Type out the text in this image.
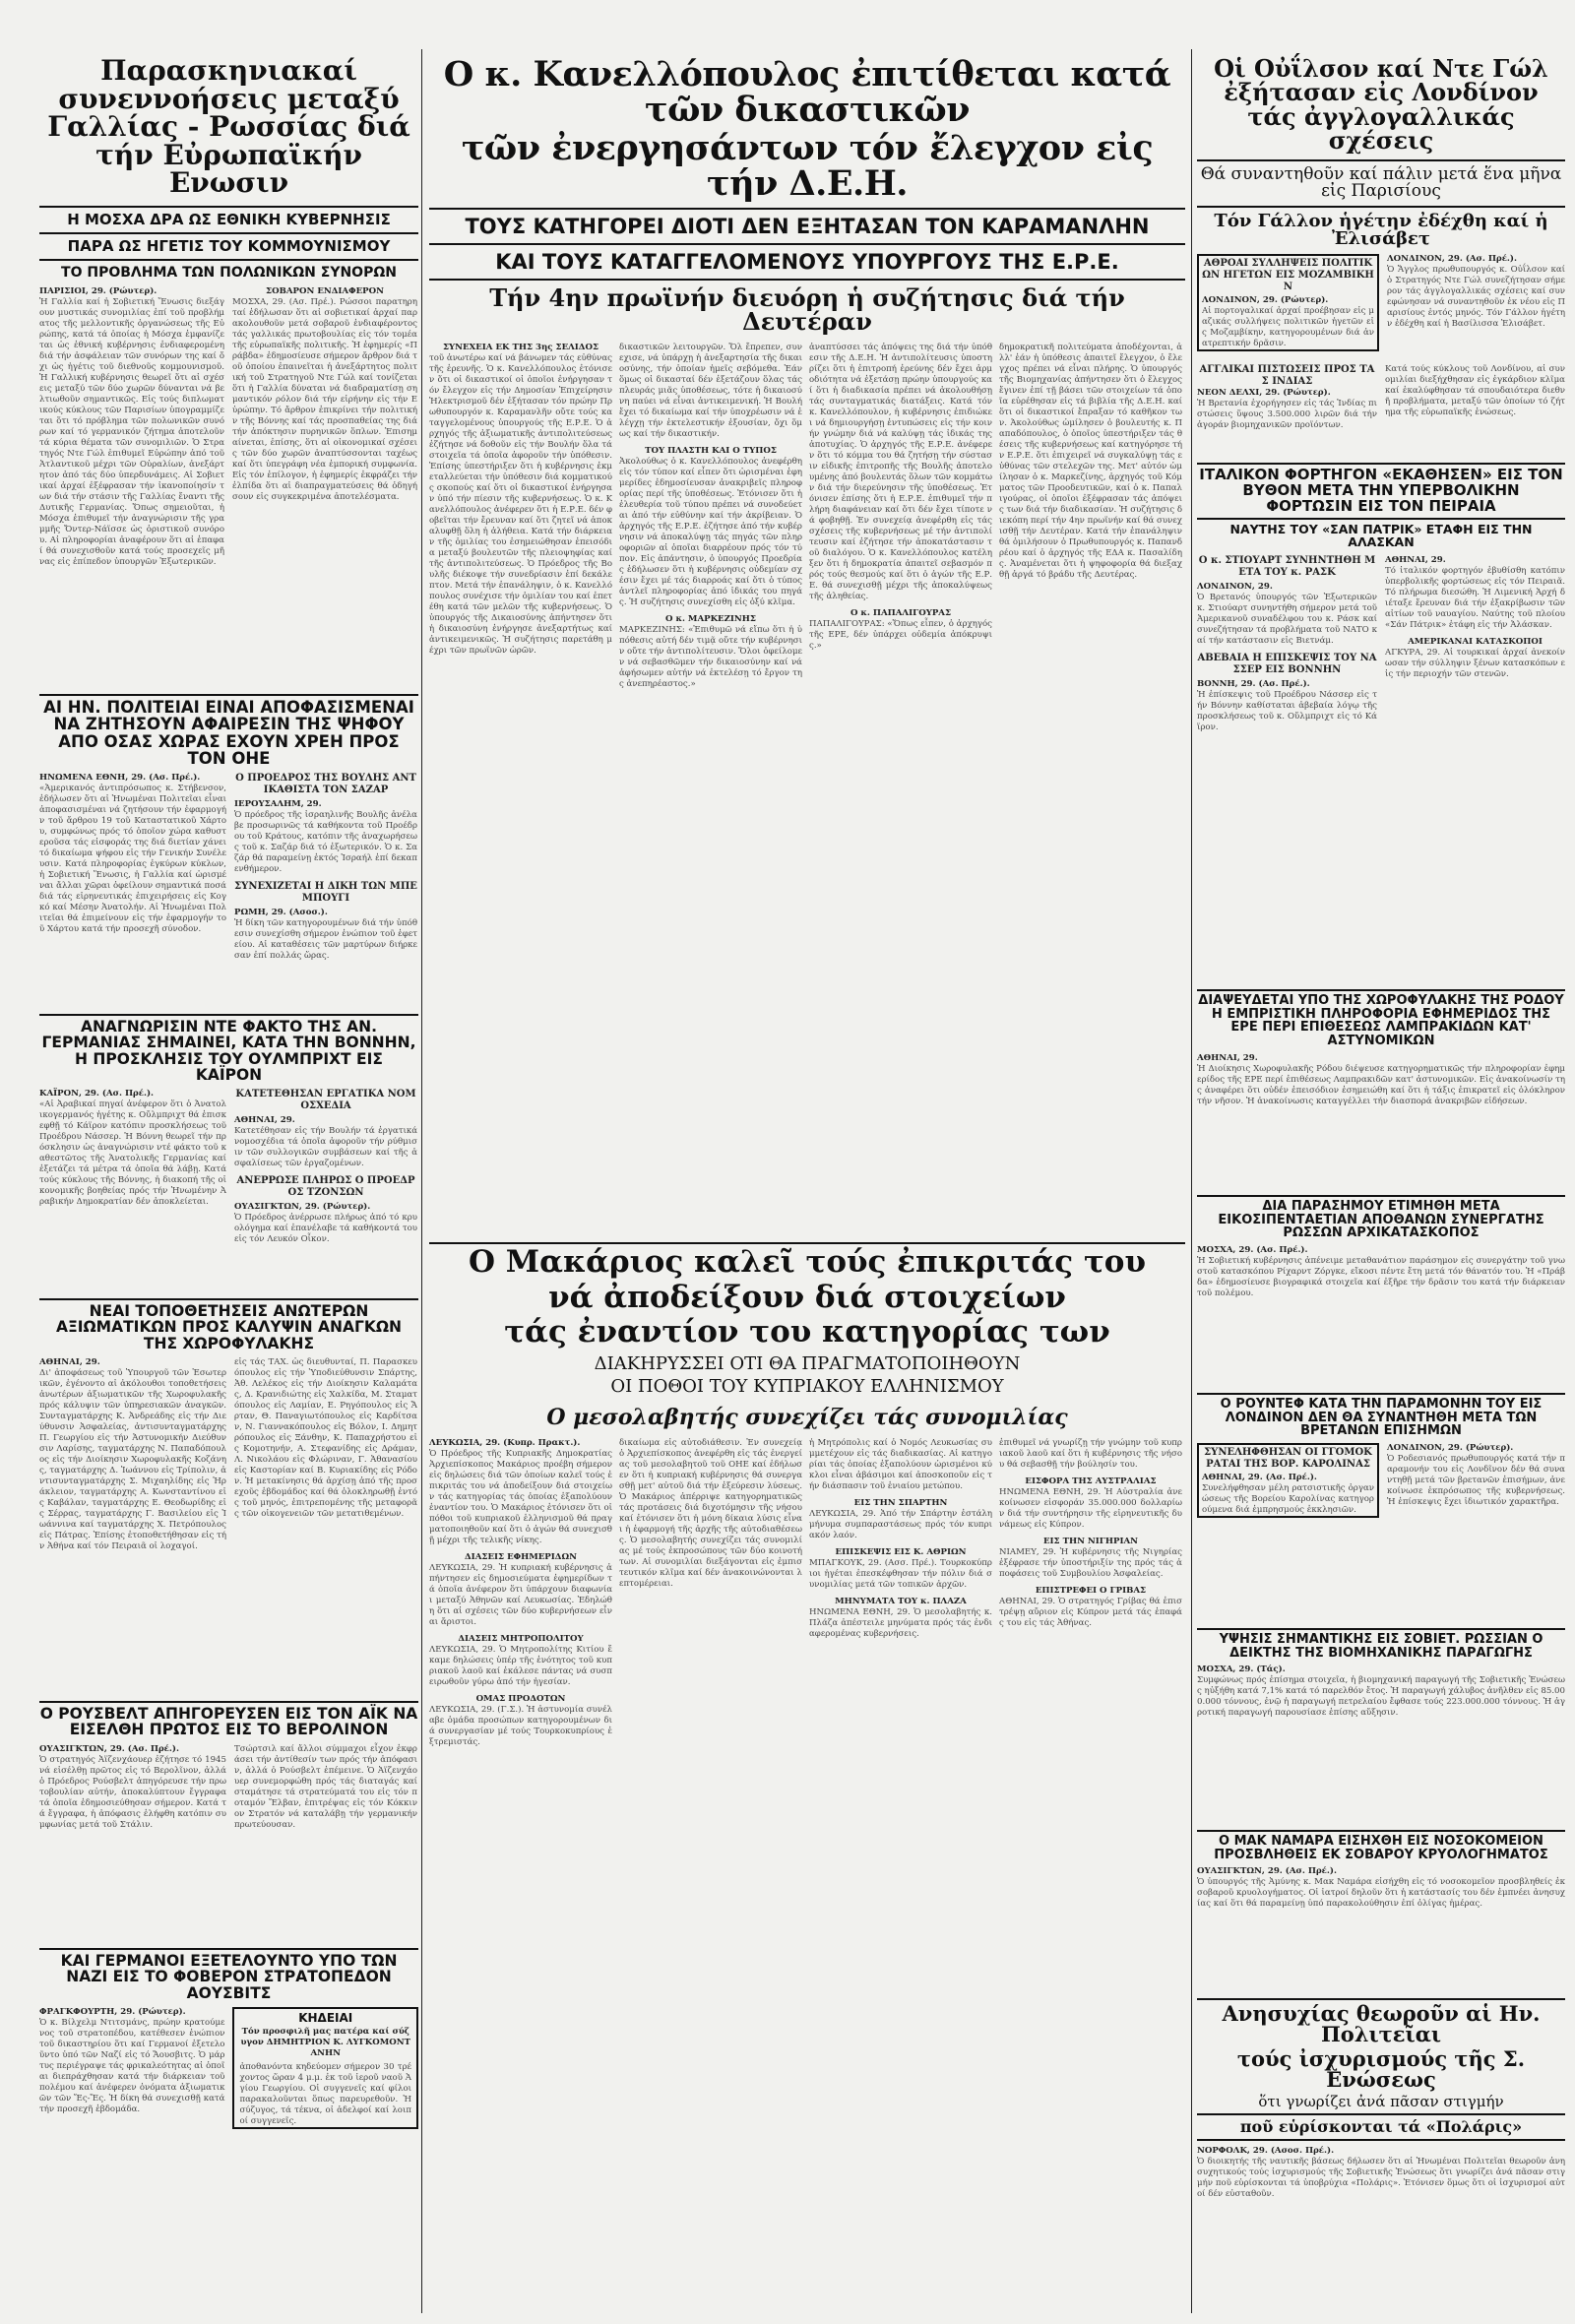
Παρασκηνιακαί συνεννοήσεις μεταξύ Γαλλίας - Ρωσσίας διά τήν Εὐρωπαϊκήν Ενωσιν
Η ΜΟΣΧΑ ΔΡΑ ΩΣ ΕΘΝΙΚΗ ΚΥΒΕΡΝΗΣΙΣ
ΠΑΡΑ ΩΣ ΗΓΕΤΙΣ ΤΟΥ ΚΟΜΜΟΥΝΙΣΜΟΥ
ΤΟ ΠΡΟΒΛΗΜΑ ΤΩΝ ΠΟΛΩΝΙΚΩΝ ΣΥΝΟΡΩΝ
ΠΑΡΙΣΙΟΙ, 29. (Ρώυτερ).
Ἡ Γαλλία καί ἡ Σοβιετική Ἕνωσις διεξάγουν μυστικάς συνομιλίας ἐπί τοῦ προβλήματος τῆς μελλοντικῆς ὀργανώσεως τῆς Εὐρώπης, κατά τά ὁποίας ἡ Μόσχα ἐμφανίζεται ὡς ἐθνική κυβέρνησις ἐνδιαφερομένη διά τήν ἀσφάλειαν τῶν συνόρων της καί ὄχι ὡς ἡγέτις τοῦ διεθνοῦς κομμουνισμοῦ. Ἡ Γαλλική κυβέρνησις θεωρεῖ ὅτι αἱ σχέσεις μεταξύ τῶν δύο χωρῶν δύνανται νά βελτιωθοῦν σημαντικῶς. Εἰς τούς διπλωματικούς κύκλους τῶν Παρισίων ὑπογραμμίζεται ὅτι τό πρόβλημα τῶν πολωνικῶν συνόρων καί τό γερμανικόν ζήτημα ἀποτελοῦν τά κύρια θέματα τῶν συνομιλιῶν. Ὁ Στρατηγός Ντε Γώλ ἐπιθυμεῖ Εὐρώπην ἀπό τοῦ Ἀτλαντικοῦ μέχρι τῶν Οὐραλίων, ἀνεξάρτητον ἀπό τάς δύο ὑπερδυνάμεις. Αἱ Σοβιετικαί ἀρχαί ἐξέφρασαν τήν ἱκανοποίησίν των διά τήν στάσιν τῆς Γαλλίας ἔναντι τῆς Δυτικῆς Γερμανίας. Ὅπως σημειοῦται, ἡ Μόσχα ἐπιθυμεῖ τήν ἀναγνώρισιν τῆς γραμμῆς Ὄντερ-Νάϊσσε ὡς ὁριστικοῦ συνόρου. Αἱ πληροφορίαι ἀναφέρουν ὅτι αἱ ἐπαφαί θά συνεχισθοῦν κατά τούς προσεχεῖς μῆνας εἰς ἐπίπεδον ὑπουργῶν Ἐξωτερικῶν.
ΣΟΒΑΡΟΝ ΕΝΔΙΑΦΕΡΟΝ
ΜΟΣΧΑ, 29. (Ασ. Πρέ.). Ρώσσοι παρατηρηταί ἐδήλωσαν ὅτι αἱ σοβιετικαί ἀρχαί παρακολουθοῦν μετά σοβαροῦ ἐνδιαφέροντος τάς γαλλικάς πρωτοβουλίας εἰς τόν τομέα τῆς εὐρωπαϊκῆς πολιτικῆς. Ἡ ἐφημερίς «Πράβδα» ἐδημοσίευσε σήμερον ἄρθρον διά τοῦ ὁποίου ἐπαινεῖται ἡ ἀνεξάρτητος πολιτική τοῦ Στρατηγοῦ Ντε Γώλ καί τονίζεται ὅτι ἡ Γαλλία δύναται νά διαδραματίσῃ σημαντικόν ρόλον διά τήν εἰρήνην εἰς τήν Εὐρώπην. Τό ἄρθρον ἐπικρίνει τήν πολιτικήν τῆς Βόννης καί τάς προσπαθείας της διά τήν ἀπόκτησιν πυρηνικῶν ὅπλων. Ἐπισημαίνεται, ἐπίσης, ὅτι αἱ οἰκονομικαί σχέσεις τῶν δύο χωρῶν ἀναπτύσσονται ταχέως καί ὅτι ὑπεγράφη νέα ἐμπορική συμφωνία. Εἰς τόν ἐπίλογον, ἡ ἐφημερίς ἐκφράζει τήν ἐλπίδα ὅτι αἱ διαπραγματεύσεις θά ὁδηγήσουν εἰς συγκεκριμένα ἀποτελέσματα.
ΑΙ ΗΝ. ΠΟΛΙΤΕΙΑΙ ΕΙΝΑΙ ΑΠΟΦΑΣΙΣΜΕΝΑΙ ΝΑ ΖΗΤΗΣΟΥΝ ΑΦΑΙΡΕΣΙΝ ΤΗΣ ΨΗΦΟΥ ΑΠΟ ΟΣΑΣ ΧΩΡΑΣ ΕΧΟΥΝ ΧΡΕΗ ΠΡΟΣ ΤΟΝ ΟΗΕ
ΗΝΩΜΕΝΑ ΕΘΝΗ, 29. (Ασ. Πρέ.).
«Ἀμερικανός ἀντιπρόσωπος κ. Στήβενσον, ἐδήλωσεν ὅτι αἱ Ἡνωμέναι Πολιτεῖαι εἶναι ἀποφασισμέναι νά ζητήσουν τήν ἐφαρμογήν τοῦ ἄρθρου 19 τοῦ Καταστατικοῦ Χάρτου, συμφώνως πρός τό ὁποῖον χώρα καθυστεροῦσα τάς εἰσφοράς της διά διετίαν χάνει τό δικαίωμα ψήφου εἰς τήν Γενικήν Συνέλευσιν. Κατά πληροφορίας ἐγκύρων κύκλων, ἡ Σοβιετική Ἕνωσις, ἡ Γαλλία καί ὡρισμέναι ἄλλαι χῶραι ὀφείλουν σημαντικά ποσά διά τάς εἰρηνευτικάς ἐπιχειρήσεις εἰς Κογκό καί Μέσην Ἀνατολήν. Αἱ Ἡνωμέναι Πολιτεῖαι θά ἐπιμείνουν εἰς τήν ἐφαρμογήν τοῦ Χάρτου κατά τήν προσεχῆ σύνοδον.
Ο ΠΡΟΕΔΡΟΣ ΤΗΣ ΒΟΥΛΗΣ ΑΝΤΙΚΑΘΙΣΤΑ ΤΟΝ ΣΑΖΑΡ
ΙΕΡΟΥΣΑΛΗΜ, 29.
Ὁ πρόεδρος τῆς ἰσραηλινῆς Βουλῆς ἀνέλαβε προσωρινῶς τά καθήκοντα τοῦ Προέδρου τοῦ Κράτους, κατόπιν τῆς ἀναχωρήσεως τοῦ κ. Σαζάρ διά τό ἐξωτερικόν. Ὁ κ. Σαζάρ θά παραμείνῃ ἐκτός Ἰσραήλ ἐπί δεκαπενθήμερον.
ΣΥΝΕΧΙΖΕΤΑΙ Η ΔΙΚΗ ΤΩΝ ΜΠΕΜΠΟΥΓΙ
ΡΩΜΗ, 29. (Ασοσ.).
Ἡ δίκη τῶν κατηγορουμένων διά τήν ὑπόθεσιν συνεχίσθη σήμερον ἐνώπιον τοῦ ἐφετείου. Αἱ καταθέσεις τῶν μαρτύρων διήρκεσαν ἐπί πολλάς ὥρας.
ΑΝΑΓΝΩΡΙΣΙΝ ΝΤΕ ΦΑΚΤΟ ΤΗΣ ΑΝ. ΓΕΡΜΑΝΙΑΣ ΣΗΜΑΙΝΕΙ, ΚΑΤΑ ΤΗΝ ΒΟΝΝΗΝ, Η ΠΡΟΣΚΛΗΣΙΣ ΤΟΥ ΟΥΛΜΠΡΙΧΤ ΕΙΣ ΚΑΪΡΟΝ
ΚΑΪΡΟΝ, 29. (Ασ. Πρέ.).
«Αἱ Ἀραβικαί πηγαί ἀνέφερον ὅτι ὁ Ἀνατολικογερμανός ἡγέτης κ. Οὔλμπριχτ θά ἐπισκεφθῇ τό Κάϊρον κατόπιν προσκλήσεως τοῦ Προέδρου Νάσσερ. Ἡ Βόννη θεωρεῖ τήν πρόσκλησιν ὡς ἀναγνώρισιν ντέ φάκτο τοῦ καθεστῶτος τῆς Ἀνατολικῆς Γερμανίας καί ἐξετάζει τά μέτρα τά ὁποῖα θά λάβῃ. Κατά τούς κύκλους τῆς Βόννης, ἡ διακοπή τῆς οἰκονομικῆς βοηθείας πρός τήν Ἡνωμένην Ἀραβικήν Δημοκρατίαν δέν ἀποκλείεται.
ΚΑΤΕΤΕΘΗΣΑΝ ΕΡΓΑΤΙΚΑ ΝΟΜΟΣΧΕΔΙΑ
ΑΘΗΝΑΙ, 29.
Κατετέθησαν εἰς τήν Βουλήν τά ἐργατικά νομοσχέδια τά ὁποῖα ἀφοροῦν τήν ρύθμισιν τῶν συλλογικῶν συμβάσεων καί τῆς ἀσφαλίσεως τῶν ἐργαζομένων.
ΑΝΕΡΡΩΣΕ ΠΛΗΡΩΣ Ο ΠΡΟΕΔΡΟΣ ΤΖΟΝΣΩΝ
ΟΥΑΣΙΓΚΤΩΝ, 29. (Ρώυτερ).
Ὁ Πρόεδρος ἀνέρρωσε πλήρως ἀπό τό κρυολόγημα καί ἐπανέλαβε τά καθήκοντά του εἰς τόν Λευκόν Οἶκον.
ΝΕΑΙ ΤΟΠΟΘΕΤΗΣΕΙΣ ΑΝΩΤΕΡΩΝ ΑΞΙΩΜΑΤΙΚΩΝ ΠΡΟΣ ΚΑΛΥΨΙΝ ΑΝΑΓΚΩΝ ΤΗΣ ΧΩΡΟΦΥΛΑΚΗΣ
ΑΘΗΝΑΙ, 29.
Δι' ἀποφάσεως τοῦ Ὑπουργοῦ τῶν Ἐσωτερικῶν, ἐγένοντο αἱ ἀκόλουθοι τοποθετήσεις ἀνωτέρων ἀξιωματικῶν τῆς Χωροφυλακῆς πρός κάλυψιν τῶν ὑπηρεσιακῶν ἀναγκῶν. Συνταγματάρχης Κ. Ἀνδρεάδης εἰς τήν Διεύθυνσιν Ἀσφαλείας, ἀντισυνταγματάρχης Π. Γεωργίου εἰς τήν Ἀστυνομικήν Διεύθυνσιν Λαρίσης, ταγματάρχης Ν. Παπαδόπουλος εἰς τήν Διοίκησιν Χωροφυλακῆς Κοζάνης, ταγματάρχης Δ. Ἰωάννου εἰς Τρίπολιν, ἀντισυνταγματάρχης Σ. Μιχαηλίδης εἰς Ἡράκλειον, ταγματάρχης Α. Κωνσταντίνου εἰς Καβάλαν, ταγματάρχης Ε. Θεοδωρίδης εἰς Σέρρας, ταγματάρχης Γ. Βασιλείου εἰς Ἰωάννινα καί ταγματάρχης Χ. Πετρόπουλος εἰς Πάτρας. Ἐπίσης ἐτοποθετήθησαν εἰς τήν Ἀθήνα καί τόν Πειραιᾶ οἱ λοχαγοί.
εἰς τάς ΤΑΧ. ὡς διευθυνταί, Π. Παρασκευόπουλος εἰς τήν Ὑποδιεύθυνσιν Σπάρτης, Ἀθ. Λελέκος εἰς τήν Διοίκησιν Καλαμάτας, Δ. Κρανιδιώτης εἰς Χαλκίδα, Μ. Σταματόπουλος εἰς Λαμίαν, Ε. Ρηγόπουλος εἰς Ἄρταν, Θ. Παναγιωτόπουλος εἰς Καρδίτσαν, Ν. Γιαννακόπουλος εἰς Βόλον, Ι. Δημητρόπουλος εἰς Ξάνθην, Κ. Παπαχρήστου εἰς Κομοτηνήν, Α. Στεφανίδης εἰς Δράμαν, Λ. Νικολάου εἰς Φλώριναν, Γ. Ἀθανασίου εἰς Καστορίαν καί Β. Κυριακίδης εἰς Ρόδον. Ἡ μετακίνησις θά ἀρχίσῃ ἀπό τῆς προσεχοῦς ἑβδομάδος καί θά ὁλοκληρωθῇ ἐντός τοῦ μηνός, ἐπιτρεπομένης τῆς μεταφορᾶς τῶν οἰκογενειῶν τῶν μετατιθεμένων.
Ο ΡΟΥΣΒΕΛΤ ΑΠΗΓΟΡΕΥΣΕΝ ΕΙΣ ΤΟΝ ΑΪΚ ΝΑ ΕΙΣΕΛΘΗ ΠΡΩΤΟΣ ΕΙΣ ΤΟ ΒΕΡΟΛΙΝΟΝ
ΟΥΑΣΙΓΚΤΩΝ, 29. (Ασ. Πρέ.).
Ὁ στρατηγός Ἀϊζενχάουερ ἐζήτησε τό 1945 νά εἰσέλθῃ πρῶτος εἰς τό Βερολῖνον, ἀλλά ὁ Πρόεδρος Ρούσβελτ ἀπηγόρευσε τήν πρωτοβουλίαν αὐτήν, ἀποκαλύπτουν ἔγγραφα τά ὁποῖα ἐδημοσιεύθησαν σήμερον. Κατά τά ἔγγραφα, ἡ ἀπόφασις ἐλήφθη κατόπιν συμφωνίας μετά τοῦ Στάλιν.
Τσώρτσιλ καί ἄλλοι σύμμαχοι εἶχον ἐκφράσει τήν ἀντίθεσίν των πρός τήν ἀπόφασιν, ἀλλά ὁ Ρούσβελτ ἐπέμεινε. Ὁ Ἀϊζενχάουερ συνεμορφώθη πρός τάς διαταγάς καί σταμάτησε τά στρατεύματά του εἰς τόν ποταμόν Ἔλβαν, ἐπιτρέψας εἰς τόν Κόκκινον Στρατόν νά καταλάβῃ τήν γερμανικήν πρωτεύουσαν.
ΚΑΙ ΓΕΡΜΑΝΟΙ ΕΞΕΤΕΛΟΥΝΤΟ ΥΠΟ ΤΩΝ ΝΑΖΙ ΕΙΣ ΤΟ ΦΟΒΕΡΟΝ ΣΤΡΑΤΟΠΕΔΟΝ ΑΟΥΣΒΙΤΣ
ΦΡΑΓΚΦΟΥΡΤΗ, 29. (Ρώυτερ).
Ὁ κ. Βίλχελμ Ντιτσμάνς, πρώην κρατούμενος τοῦ στρατοπέδου, κατέθεσεν ἐνώπιον τοῦ δικαστηρίου ὅτι καί Γερμανοί ἐξετελοῦντο ὑπό τῶν Ναζί εἰς τό Ἄουσβιτς. Ὁ μάρτυς περιέγραψε τάς φρικαλεότητας αἱ ὁποῖαι διεπράχθησαν κατά τήν διάρκειαν τοῦ πολέμου καί ἀνέφερεν ὀνόματα ἀξιωματικῶν τῶν Ἔς-Ἔς. Ἡ δίκη θά συνεχισθῇ κατά τήν προσεχῆ ἑβδομάδα.
ΚΗΔΕΙΑΙ
Τόν προσφιλῆ μας πατέρα καί σύζυγον ΔΗΜΗΤΡΙΟΝ Κ. ΛΥΓΚΟΜΟΝΤΑΝΗΝ
ἀποθανόντα κηδεύομεν σήμερον 30 τρέχοντος ὥραν 4 μ.μ. ἐκ τοῦ ἱεροῦ ναοῦ Ἁγίου Γεωργίου. Οἱ συγγενεῖς καί φίλοι παρακαλοῦνται ὅπως παρευρεθοῦν. Ἡ σύζυγος, τά τέκνα, οἱ ἀδελφοί καί λοιποί συγγενεῖς.
Ο κ. Κανελλόπουλος ἐπιτίθεται κατά τῶν δικαστικῶν
τῶν ἐνεργησάντων τόν ἔλεγχον εἰς τήν Δ.Ε.Η.
ΤΟΥΣ ΚΑΤΗΓΟΡΕΙ ΔΙΟΤΙ ΔΕΝ ΕΞΗΤΑΣΑΝ ΤΟΝ ΚΑΡΑΜΑΝΛΗΝ
ΚΑΙ ΤΟΥΣ ΚΑΤΑΓΓΕΛΟΜΕΝΟΥΣ ΥΠΟΥΡΓΟΥΣ ΤΗΣ Ε.Ρ.Ε.
Τήν 4ην πρωϊνήν διευόρη ἡ συζήτησις διά τήν Δευτέραν
ΣΥΝΕΧΕΙΑ ΕΚ ΤΗΣ 3ης ΣΕΛΙΔΟΣ
τοῦ ἀνωτέρω καί νά βάνωμεν τάς εὐθύνας τῆς ἐρευνῆς. Ὁ κ. Κανελλόπουλος ἐτόνισεν ὅτι οἱ δικαστικοί οἱ ὁποῖοι ἐνήργησαν τόν ἔλεγχον εἰς τήν Δημοσίαν Ἐπιχείρησιν Ἠλεκτρισμοῦ δέν ἐξήτασαν τόν πρώην Πρωθυπουργόν κ. Καραμανλῆν οὔτε τούς καταγγελομένους ὑπουργούς τῆς Ε.Ρ.Ε. Ὁ ἀρχηγός τῆς ἀξιωματικῆς ἀντιπολιτεύσεως ἐζήτησε νά δοθοῦν εἰς τήν Βουλήν ὅλα τά στοιχεῖα τά ὁποῖα ἀφοροῦν τήν ὑπόθεσιν. Ἐπίσης ὑπεστήριξεν ὅτι ἡ κυβέρνησις ἐκμεταλλεύεται τήν ὑπόθεσιν διά κομματικούς σκοπούς καί ὅτι οἱ δικαστικοί ἐνήργησαν ὑπό τήν πίεσιν τῆς κυβερνήσεως. Ὁ κ. Κανελλόπουλος ἀνέφερεν ὅτι ἡ Ε.Ρ.Ε. δέν φοβεῖται τήν ἔρευναν καί ὅτι ζητεῖ νά ἀποκαλυφθῇ ὅλη ἡ ἀλήθεια. Κατά τήν διάρκειαν τῆς ὁμιλίας του ἐσημειώθησαν ἐπεισόδια μεταξύ βουλευτῶν τῆς πλειοψηφίας καί τῆς ἀντιπολιτεύσεως. Ὁ Πρόεδρος τῆς Βουλῆς διέκοψε τήν συνεδρίασιν ἐπί δεκάλεπτον. Μετά τήν ἐπανάληψιν, ὁ κ. Κανελλόπουλος συνέχισε τήν ὁμιλίαν του καί ἐπετέθη κατά τῶν μελῶν τῆς κυβερνήσεως. Ὁ ὑπουργός τῆς Δικαιοσύνης ἀπήντησεν ὅτι ἡ δικαιοσύνη ἐνήργησε ἀνεξαρτήτως καί ἀντικειμενικῶς. Ἡ συζήτησις παρετάθη μέχρι τῶν πρωϊνῶν ὡρῶν.
δικαστικῶν λειτουργῶν. Ὅλ ἔπρεπεν, συνεχισε, νά ὑπάρχῃ ἡ ἀνεξαρτησία τῆς δικαιοσύνης, τήν ὁποίαν ἡμεῖς σεβόμεθα. Ἐάν ὅμως οἱ δικασταί δέν ἐξετάζουν ὅλας τάς πλευράς μιᾶς ὑποθέσεως, τότε ἡ δικαιοσύνη παύει νά εἶναι ἀντικειμενική. Ἡ Βουλή ἔχει τό δικαίωμα καί τήν ὑποχρέωσιν νά ἐλέγχῃ τήν ἐκτελεστικήν ἐξουσίαν, ὄχι ὅμως καί τήν δικαστικήν.
ΤΟΥ ΠΛΑΣΤΗ ΚΑΙ Ο ΤΥΠΟΣ
Ἀκολούθως ὁ κ. Κανελλόπουλος ἀνεφέρθη εἰς τόν τύπον καί εἶπεν ὅτι ὡρισμέναι ἐφημερίδες ἐδημοσίευσαν ἀνακριβεῖς πληροφορίας περί τῆς ὑποθέσεως. Ἐτόνισεν ὅτι ἡ ἐλευθερία τοῦ τύπου πρέπει νά συνοδεύεται ἀπό τήν εὐθύνην καί τήν ἀκρίβειαν. Ὁ ἀρχηγός τῆς Ε.Ρ.Ε. ἐζήτησε ἀπό τήν κυβέρνησιν νά ἀποκαλύψῃ τάς πηγάς τῶν πληροφοριῶν αἱ ὁποῖαι διαρρέουν πρός τόν τύπον. Εἰς ἀπάντησιν, ὁ ὑπουργός Προεδρίας ἐδήλωσεν ὅτι ἡ κυβέρνησις οὐδεμίαν σχέσιν ἔχει μέ τάς διαρροάς καί ὅτι ὁ τύπος ἀντλεῖ πληροφορίας ἀπό ἰδικάς του πηγάς. Ἡ συζήτησις συνεχίσθη εἰς ὀξύ κλῖμα.
Ο κ. ΜΑΡΚΕΖΙΝΗΣ
ΜΑΡΚΕΖΙΝΗΣ: «Ἐπιθυμῶ νά εἴπω ὅτι ἡ ὑπόθεσις αὐτή δέν τιμᾷ οὔτε τήν κυβέρνησιν οὔτε τήν ἀντιπολίτευσιν. Ὅλοι ὀφείλομεν νά σεβασθῶμεν τήν δικαιοσύνην καί νά ἀφήσωμεν αὐτήν νά ἐκτελέσῃ τό ἔργον της ἀνεπηρέαστος.»
ἀναπτύσσει τάς ἀπόψεις της διά τήν ὑπόθεσιν τῆς Δ.Ε.Η. Ἡ ἀντιπολίτευσις ὑποστηρίζει ὅτι ἡ ἐπιτροπή ἐρεύνης δέν ἔχει ἁρμοδιότητα νά ἐξετάσῃ πρώην ὑπουργούς καί ὅτι ἡ διαδικασία πρέπει νά ἀκολουθήσῃ τάς συνταγματικάς διατάξεις. Κατά τόν κ. Κανελλόπουλον, ἡ κυβέρνησις ἐπιδιώκει νά δημιουργήσῃ ἐντυπώσεις εἰς τήν κοινήν γνώμην διά νά καλύψῃ τάς ἰδικάς της ἀποτυχίας. Ὁ ἀρχηγός τῆς Ε.Ρ.Ε. ἀνέφερεν ὅτι τό κόμμα του θά ζητήσῃ τήν σύστασιν εἰδικῆς ἐπιτροπῆς τῆς Βουλῆς ἀποτελουμένης ἀπό βουλευτάς ὅλων τῶν κομμάτων διά τήν διερεύνησιν τῆς ὑποθέσεως. Ἐτόνισεν ἐπίσης ὅτι ἡ Ε.Ρ.Ε. ἐπιθυμεῖ τήν πλήρη διαφάνειαν καί ὅτι δέν ἔχει τίποτε νά φοβηθῇ. Ἐν συνεχείᾳ ἀνεφέρθη εἰς τάς σχέσεις τῆς κυβερνήσεως μέ τήν ἀντιπολίτευσιν καί ἐζήτησε τήν ἀποκατάστασιν τοῦ διαλόγου. Ὁ κ. Κανελλόπουλος κατέληξεν ὅτι ἡ δημοκρατία ἀπαιτεῖ σεβασμόν πρός τούς θεσμούς καί ὅτι ὁ ἀγών τῆς Ε.Ρ.Ε. θά συνεχισθῇ μέχρι τῆς ἀποκαλύψεως τῆς ἀληθείας.
Ο κ. ΠΑΠΑΛΙΓΟΥΡΑΣ
ΠΑΠΑΛΙΓΟΥΡΑΣ: «Ὅπως εἶπεν, ὁ ἀρχηγός τῆς ΕΡΕ, δέν ὑπάρχει οὐδεμία ἀπόκρυψις.»
δημοκρατικῆ πολιτεύματα ἀποδέχονται, ἀλλ' ἐάν ἡ ὑπόθεσις ἀπαιτεῖ ἔλεγχον, ὁ ἔλεγχος πρέπει νά εἶναι πλήρης. Ὁ ὑπουργός τῆς Βιομηχανίας ἀπήντησεν ὅτι ὁ ἔλεγχος ἔγινεν ἐπί τῇ βάσει τῶν στοιχείων τά ὁποῖα εὑρέθησαν εἰς τά βιβλία τῆς Δ.Ε.Η. καί ὅτι οἱ δικαστικοί ἔπραξαν τό καθῆκον των. Ἀκολούθως ὡμίλησεν ὁ βουλευτής κ. Παπαδόπουλος, ὁ ὁποῖος ὑπεστήριξεν τάς θέσεις τῆς κυβερνήσεως καί κατηγόρησε τήν Ε.Ρ.Ε. ὅτι ἐπιχειρεῖ νά συγκαλύψῃ τάς εὐθύνας τῶν στελεχῶν της. Μετ' αὐτόν ὡμίλησαν ὁ κ. Μαρκεζίνης, ἀρχηγός τοῦ Κόμματος τῶν Προοδευτικῶν, καί ὁ κ. Παπαλιγούρας, οἱ ὁποῖοι ἐξέφρασαν τάς ἀπόψεις των διά τήν διαδικασίαν. Ἡ συζήτησις διεκόπη περί τήν 4ην πρωϊνήν καί θά συνεχισθῇ τήν Δευτέραν. Κατά τήν ἐπανάληψιν θά ὁμιλήσουν ὁ Πρωθυπουργός κ. Παπανδρέου καί ὁ ἀρχηγός τῆς ΕΔΑ κ. Πασαλίδης. Ἀναμένεται ὅτι ἡ ψηφοφορία θά διεξαχθῇ ἀργά τό βράδυ τῆς Δευτέρας.
Ο Μακάριος καλεῖ τούς ἐπικριτάς του
νά ἀποδείξουν διά στοιχείων
τάς ἐναντίον του κατηγορίας των
ΔΙΑΚΗΡΥΣΣΕΙ ΟΤΙ ΘΑ ΠΡΑΓΜΑΤΟΠΟΙΗΘΟΥΝ
ΟΙ ΠΟΘΟΙ ΤΟΥ ΚΥΠΡΙΑΚΟΥ ΕΛΛΗΝΙΣΜΟΥ
Ο μεσολαβητής συνεχίζει τάς συνομιλίας
ΛΕΥΚΩΣΙΑ, 29. (Κυπρ. Πρακτ.).
Ὁ Πρόεδρος τῆς Κυπριακῆς Δημοκρατίας Ἀρχιεπίσκοπος Μακάριος προέβη σήμερον εἰς δηλώσεις διά τῶν ὁποίων καλεῖ τούς ἐπικριτάς του νά ἀποδείξουν διά στοιχείων τάς κατηγορίας τάς ὁποίας ἐξαπολύουν ἐναντίον του. Ὁ Μακάριος ἐτόνισεν ὅτι οἱ πόθοι τοῦ κυπριακοῦ ἑλληνισμοῦ θά πραγματοποιηθοῦν καί ὅτι ὁ ἀγών θά συνεχισθῇ μέχρι τῆς τελικῆς νίκης.
ΔΙΑΣΕΙΣ ΕΦΗΜΕΡΙΔΩΝ
ΛΕΥΚΩΣΙΑ, 29. Ἡ κυπριακή κυβέρνησις ἀπήντησεν εἰς δημοσιεύματα ἐφημερίδων τά ὁποῖα ἀνέφερον ὅτι ὑπάρχουν διαφωνίαι μεταξύ Ἀθηνῶν καί Λευκωσίας. Ἐδηλώθη ὅτι αἱ σχέσεις τῶν δύο κυβερνήσεων εἶναι ἄριστοι.
ΔΙΑΣΕΙΣ ΜΗΤΡΟΠΟΛΙΤΟΥ
ΛΕΥΚΩΣΙΑ, 29. Ὁ Μητροπολίτης Κιτίου ἔκαμε δηλώσεις ὑπέρ τῆς ἑνότητος τοῦ κυπριακοῦ λαοῦ καί ἐκάλεσε πάντας νά συσπειρωθοῦν γύρω ἀπό τήν ἡγεσίαν.
ΟΜΑΣ ΠΡΟΔΟΤΩΝ
ΛΕΥΚΩΣΙΑ, 29. (Γ.Σ.). Ἡ ἀστυνομία συνέλαβε ὁμάδα προσώπων κατηγορουμένων διά συνεργασίαν μέ τούς Τουρκοκυπρίους ἐξτρεμιστάς.
δικαίωμα εἰς αὐτοδιάθεσιν. Ἐν συνεχείᾳ ὁ Ἀρχιεπίσκοπος ἀνεφέρθη εἰς τάς ἐνεργείας τοῦ μεσολαβητοῦ τοῦ ΟΗΕ καί ἐδήλωσεν ὅτι ἡ κυπριακή κυβέρνησις θά συνεργασθῇ μετ' αὐτοῦ διά τήν ἐξεύρεσιν λύσεως. Ὁ Μακάριος ἀπέρριψε κατηγορηματικῶς τάς προτάσεις διά διχοτόμησιν τῆς νήσου καί ἐτόνισεν ὅτι ἡ μόνη δίκαια λύσις εἶναι ἡ ἐφαρμογή τῆς ἀρχῆς τῆς αὐτοδιαθέσεως. Ὁ μεσολαβητής συνεχίζει τάς συνομιλίας μέ τούς ἐκπροσώπους τῶν δύο κοινοτήτων. Αἱ συνομιλίαι διεξάγονται εἰς ἐμπιστευτικόν κλῖμα καί δέν ἀνακοινώνονται λεπτομέρειαι.
ἡ Μητρόπολις καί ὁ Νομός Λευκωσίας συμμετέχουν εἰς τάς διαδικασίας. Αἱ κατηγορίαι τάς ὁποίας ἐξαπολύουν ὡρισμένοι κύκλοι εἶναι ἀβάσιμοι καί ἀποσκοποῦν εἰς τήν διάσπασιν τοῦ ἑνιαίου μετώπου.
ΕΙΣ ΤΗΝ ΣΠΑΡΤΗΝ
ΛΕΥΚΩΣΙΑ, 29. Ἀπό τήν Σπάρτην ἐστάλη μήνυμα συμπαραστάσεως πρός τόν κυπριακόν λαόν.
ΕΠΙΣΚΕΨΙΣ ΕΙΣ Κ. ΑΘΡΙΩΝ
ΜΠΑΓΚΟΥΚ, 29. (Ασσ. Πρέ.). Τουρκοκύπριοι ἡγέται ἐπεσκέφθησαν τήν πόλιν διά συνομιλίας μετά τῶν τοπικῶν ἀρχῶν.
ΜΗΝΥΜΑΤΑ ΤΟΥ κ. ΠΛΑΖΑ
ΗΝΩΜΕΝΑ ΕΘΝΗ, 29. Ὁ μεσολαβητής κ. Πλάζα ἀπέστειλε μηνύματα πρός τάς ἐνδιαφερομένας κυβερνήσεις.
ἐπιθυμεῖ νά γνωρίζῃ τήν γνώμην τοῦ κυπριακοῦ λαοῦ καί ὅτι ἡ κυβέρνησις τῆς νήσου θά σεβασθῇ τήν βούλησίν του.
ΕΙΣΦΟΡΑ ΤΗΣ ΑΥΣΤΡΑΛΙΑΣ
ΗΝΩΜΕΝΑ ΕΘΝΗ, 29. Ἡ Αὐστραλία ἀνεκοίνωσεν εἰσφοράν 35.000.000 δολλαρίων διά τήν συντήρησιν τῆς εἰρηνευτικῆς δυνάμεως εἰς Κύπρον.
ΕΙΣ ΤΗΝ ΝΙΓΗΡΙΑΝ
ΝΙΑΜΕΥ, 29. Ἡ κυβέρνησις τῆς Νιγηρίας ἐξέφρασε τήν ὑποστήριξίν της πρός τάς ἀποφάσεις τοῦ Συμβουλίου Ἀσφαλείας.
ΕΠΙΣΤΡΕΦΕΙ Ο ΓΡΙΒΑΣ
ΑΘΗΝΑΙ, 29. Ὁ στρατηγός Γρίβας θά ἐπιστρέψῃ αὔριον εἰς Κύπρον μετά τάς ἐπαφάς του εἰς τάς Ἀθήνας.
Οἱ Οὐΐλσον καί Ντε Γώλ ἐξήτασαν εἰς Λονδίνον τάς ἀγγλογαλλικάς σχέσεις
Θά συναντηθοῦν καί πάλιν μετά ἕνα μῆνα εἰς Παρισίους
Τόν Γάλλον ἡγέτην ἐδέχθη καί ἡ Ἐλισάβετ
ΑΘΡΟΑΙ ΣΥΛΛΗΨΕΙΣ ΠΟΛΙΤΙΚΩΝ ΗΓΕΤΩΝ ΕΙΣ ΜΟΖΑΜΒΙΚΗΝ
ΛΟΝΔΙΝΟΝ, 29. (Ρώυτερ).
Αἱ πορτογαλικαί ἀρχαί προέβησαν εἰς μαζικάς συλλήψεις πολιτικῶν ἡγετῶν εἰς Μοζαμβίκην, κατηγορουμένων διά ἀνατρεπτικήν δρᾶσιν.
ΛΟΝΔΙΝΟΝ, 29. (Ασ. Πρέ.).
Ὁ Ἄγγλος πρωθυπουργός κ. Οὐΐλσον καί ὁ Στρατηγός Ντε Γώλ συνεζήτησαν σήμερον τάς ἀγγλογαλλικάς σχέσεις καί συνεφώνησαν νά συναντηθοῦν ἐκ νέου εἰς Παρισίους ἐντός μηνός. Τόν Γάλλον ἡγέτην ἐδέχθη καί ἡ Βασίλισσα Ἐλισάβετ.
ΑΓΓΛΙΚΑΙ ΠΙΣΤΩΣΕΙΣ ΠΡΟΣ ΤΑΣ ΙΝΔΙΑΣ
ΝΕΟΝ ΔΕΛΧΙ, 29. (Ρώυτερ).
Ἡ Βρετανία ἐχορήγησεν εἰς τάς Ἰνδίας πιστώσεις ὕψους 3.500.000 λιρῶν διά τήν ἀγοράν βιομηχανικῶν προϊόντων.
Κατά τούς κύκλους τοῦ Λονδίνου, αἱ συνομιλίαι διεξήχθησαν εἰς ἐγκάρδιον κλῖμα καί ἐκαλύφθησαν τά σπουδαιότερα διεθνῆ προβλήματα, μεταξύ τῶν ὁποίων τό ζήτημα τῆς εὐρωπαϊκῆς ἑνώσεως.
ΙΤΑΛΙΚΟΝ ΦΟΡΤΗΓΟΝ «ΕΚΑΘΗΣΕΝ» ΕΙΣ ΤΟΝ ΒΥΘΟΝ ΜΕΤΑ ΤΗΝ ΥΠΕΡΒΟΛΙΚΗΝ ΦΟΡΤΩΣΙΝ ΕΙΣ ΤΟΝ ΠΕΙΡΑΙΑ
ΝΑΥΤΗΣ ΤΟΥ «ΣΑΝ ΠΑΤΡΙΚ» ΕΤΑΦΗ ΕΙΣ ΤΗΝ ΑΛΑΣΚΑΝ
Ο κ. ΣΤΙΟΥΑΡΤ ΣΥΝΗΝΤΗΘΗ ΜΕΤΑ ΤΟΥ κ. ΡΑΣΚ
ΛΟΝΔΙΝΟΝ, 29.
Ὁ Βρετανός ὑπουργός τῶν Ἐξωτερικῶν κ. Στιούαρτ συνηντήθη σήμερον μετά τοῦ Ἀμερικανοῦ συναδέλφου του κ. Ράσκ καί συνεζήτησαν τά προβλήματα τοῦ ΝΑΤΟ καί τήν κατάστασιν εἰς Βιετνάμ.
ΑΒΕΒΑΙΑ Η ΕΠΙΣΚΕΨΙΣ ΤΟΥ ΝΑΣΣΕΡ ΕΙΣ ΒΟΝΝΗΝ
ΒΟΝΝΗ, 29. (Ασ. Πρέ.).
Ἡ ἐπίσκεψις τοῦ Προέδρου Νάσσερ εἰς τήν Βόννην καθίσταται ἀβεβαία λόγῳ τῆς προσκλήσεως τοῦ κ. Οὔλμπριχτ εἰς τό Κάϊρον.
ΑΘΗΝΑΙ, 29.
Τό ἰταλικόν φορτηγόν ἐβυθίσθη κατόπιν ὑπερβολικῆς φορτώσεως εἰς τόν Πειραιᾶ. Τό πλήρωμα διεσώθη. Ἡ Λιμενική Ἀρχή διέταξε ἔρευναν διά τήν ἐξακρίβωσιν τῶν αἰτίων τοῦ ναυαγίου. Ναύτης τοῦ πλοίου «Σάν Πάτρικ» ἐτάφη εἰς τήν Ἀλάσκαν.
ΑΜΕΡΙΚΑΝΑΙ ΚΑΤΑΣΚΟΠΟΙ
ΑΓΚΥΡΑ, 29. Αἱ τουρκικαί ἀρχαί ἀνεκοίνωσαν τήν σύλληψιν ξένων κατασκόπων εἰς τήν περιοχήν τῶν στενῶν.
ΔΙΑΨΕΥΔΕΤΑΙ ΥΠΟ ΤΗΣ ΧΩΡΟΦΥΛΑΚΗΣ ΤΗΣ ΡΟΔΟΥ Η ΕΜΠΡΙΣΤΙΚΗ ΠΛΗΡΟΦΟΡΙΑ ΕΦΗΜΕΡΙΔΟΣ ΤΗΣ ΕΡΕ ΠΕΡΙ ΕΠΙΘΕΣΕΩΣ ΛΑΜΠΡΑΚΙΔΩΝ ΚΑΤ' ΑΣΤΥΝΟΜΙΚΩΝ
ΑΘΗΝΑΙ, 29.
Ἡ Διοίκησις Χωροφυλακῆς Ρόδου διέψευσε κατηγορηματικῶς τήν πληροφορίαν ἐφημερίδος τῆς ΕΡΕ περί ἐπιθέσεως Λαμπρακιδῶν κατ' ἀστυνομικῶν. Εἰς ἀνακοίνωσίν της ἀναφέρει ὅτι οὐδέν ἐπεισόδιον ἐσημειώθη καί ὅτι ἡ τάξις ἐπικρατεῖ εἰς ὁλόκληρον τήν νῆσον. Ἡ ἀνακοίνωσις καταγγέλλει τήν διασπορά ἀνακριβῶν εἰδήσεων.
ΔΙΑ ΠΑΡΑΣΗΜΟΥ ΕΤΙΜΗΘΗ ΜΕΤΑ ΕΙΚΟΣΙΠΕΝΤΑΕΤΙΑΝ ΑΠΟΘΑΝΩΝ ΣΥΝΕΡΓΑΤΗΣ ΡΩΣΣΩΝ ΑΡΧΙΚΑΤΑΣΚΟΠΟΣ
ΜΟΣΧΑ, 29. (Ασ. Πρέ.).
Ἡ Σοβιετική κυβέρνησις ἀπένειμε μεταθανάτιον παράσημον εἰς συνεργάτην τοῦ γνωστοῦ κατασκόπου Ρίχαρντ Ζόργκε, εἴκοσι πέντε ἔτη μετά τόν θάνατόν του. Ἡ «Πράβδα» ἐδημοσίευσε βιογραφικά στοιχεῖα καί ἐξῆρε τήν δρᾶσιν του κατά τήν διάρκειαν τοῦ πολέμου.
Ο ΡΟΥΝΤΕΦ ΚΑΤΑ ΤΗΝ ΠΑΡΑΜΟΝΗΝ ΤΟΥ ΕΙΣ ΛΟΝΔΙΝΟΝ ΔΕΝ ΘΑ ΣΥΝΑΝΤΗΘΗ ΜΕΤΑ ΤΩΝ ΒΡΕΤΑΝΩΝ ΕΠΙΣΗΜΩΝ
ΣΥΝΕΛΗΦΘΗΣΑΝ ΟΙ ΓΓΟΜΟΚΡΑΤΑΙ ΤΗΣ ΒΟΡ. ΚΑΡΟΛΙΝΑΣ
ΑΘΗΝΑΙ, 29. (Ασ. Πρέ.).
Συνελήφθησαν μέλη ρατσιστικῆς ὀργανώσεως τῆς Βορείου Καρολίνας κατηγορούμενα διά ἐμπρησμούς ἐκκλησιῶν.
ΛΟΝΔΙΝΟΝ, 29. (Ρώυτερ).
Ὁ Ροδεσιανός πρωθυπουργός κατά τήν παραμονήν του εἰς Λονδῖνον δέν θά συναντηθῇ μετά τῶν βρετανῶν ἐπισήμων, ἀνεκοίνωσε ἐκπρόσωπος τῆς κυβερνήσεως. Ἡ ἐπίσκεψις ἔχει ἰδιωτικόν χαρακτῆρα.
ΥΨΗΣΙΣ ΣΗΜΑΝΤΙΚΗΣ ΕΙΣ ΣΟΒΙΕΤ. ΡΩΣΣΙΑΝ Ο ΔΕΙΚΤΗΣ ΤΗΣ ΒΙΟΜΗΧΑΝΙΚΗΣ ΠΑΡΑΓΩΓΗΣ
ΜΟΣΧΑ, 29. (Τάς).
Συμφώνως πρός ἐπίσημα στοιχεῖα, ἡ βιομηχανική παραγωγή τῆς Σοβιετικῆς Ἑνώσεως ηὐξήθη κατά 7,1% κατά τό παρελθόν ἔτος. Ἡ παραγωγή χάλυβος ἀνῆλθεν εἰς 85.000.000 τόννους, ἐνῷ ἡ παραγωγή πετρελαίου ἔφθασε τούς 223.000.000 τόννους. Ἡ ἀγροτική παραγωγή παρουσίασε ἐπίσης αὔξησιν.
Ο ΜΑΚ ΝΑΜΑΡΑ ΕΙΣΗΧΘΗ ΕΙΣ ΝΟΣΟΚΟΜΕΙΟΝ ΠΡΟΣΒΛΗΘΕΙΣ ΕΚ ΣΟΒΑΡΟΥ ΚΡΥΟΛΟΓΗΜΑΤΟΣ
ΟΥΑΣΙΓΚΤΩΝ, 29. (Ασ. Πρέ.).
Ὁ ὑπουργός τῆς Ἀμύνης κ. Μακ Ναμάρα εἰσήχθη εἰς τό νοσοκομεῖον προσβληθείς ἐκ σοβαροῦ κρυολογήματος. Οἱ ἰατροί δηλοῦν ὅτι ἡ κατάστασίς του δέν ἐμπνέει ἀνησυχίας καί ὅτι θά παραμείνῃ ὑπό παρακολούθησιν ἐπί ὀλίγας ἡμέρας.
Ανησυχίας θεωροῦν αἱ Ην. Πολιτεῖαι
τούς ἰσχυρισμούς τῆς Σ. Ενώσεως
ὅτι γνωρίζει ἀνά πᾶσαν στιγμήν
ποῦ εὑρίσκονται τά «Πολάρις»
ΝΟΡΦΟΛΚ, 29. (Ασοσ. Πρέ.).
Ὁ διοικητής τῆς ναυτικῆς βάσεως δήλωσεν ὅτι αἱ Ἡνωμέναι Πολιτεῖαι θεωροῦν ἀνησυχητικούς τούς ἰσχυρισμούς τῆς Σοβιετικῆς Ἑνώσεως ὅτι γνωρίζει ἀνά πᾶσαν στιγμήν ποῦ εὑρίσκονται τά ὑποβρύχια «Πολάρις». Ἐτόνισεν ὅμως ὅτι οἱ ἰσχυρισμοί αὐτοί δέν εὐσταθοῦν.
